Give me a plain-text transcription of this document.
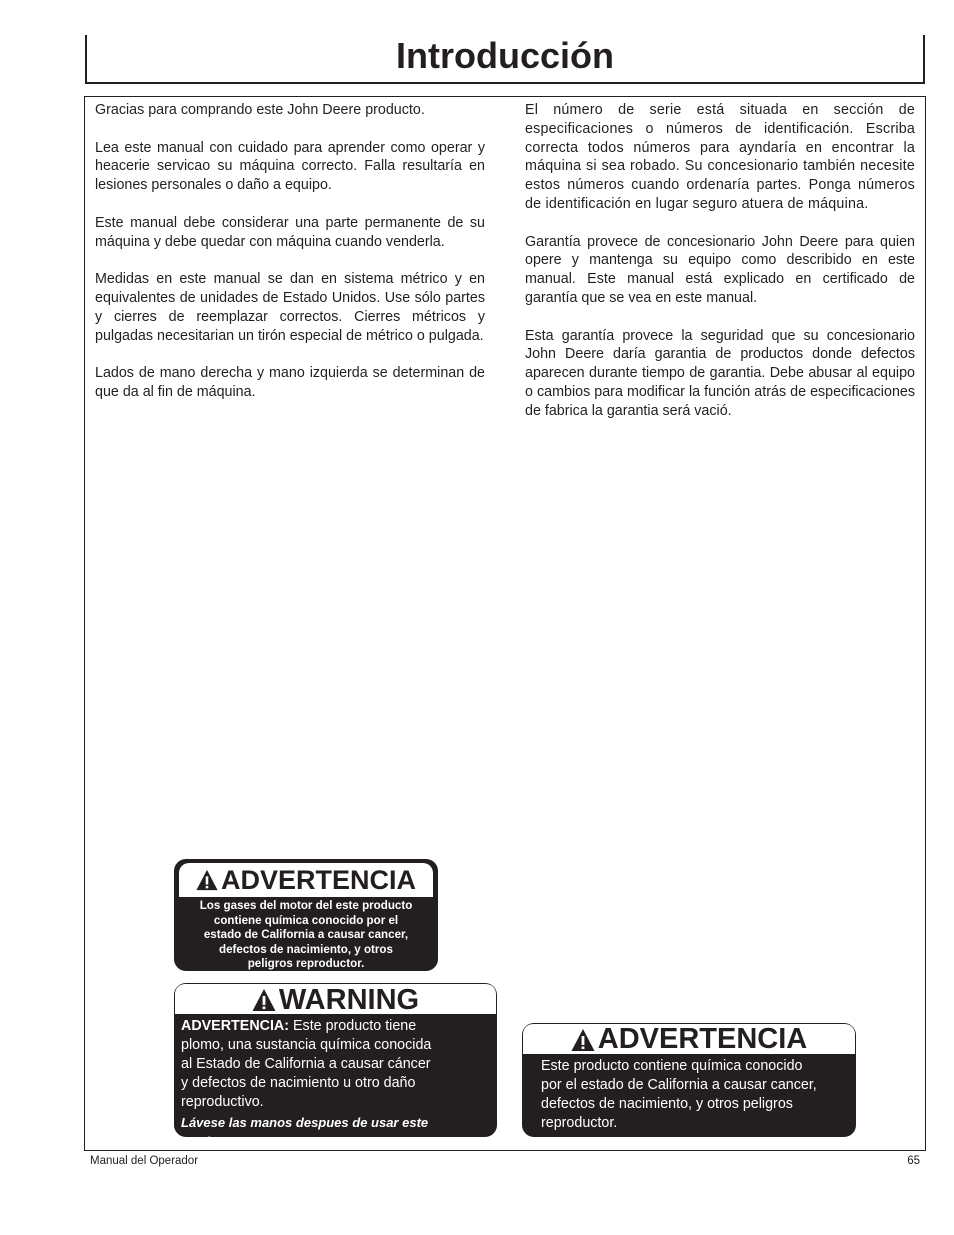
Introducción

Gracias para comprando este John Deere producto.

Lea este manual con cuidado para aprender como operar y heacerie servicao su máquina correcto. Falla resultaría en lesiones personales o daño a equipo.

Este manual debe considerar una parte permanente de su máquina y debe quedar con máquina cuando venderla.

Medidas en este manual se dan en sistema métrico y en equivalentes de unidades de Estado Unidos. Use sólo partes y cierres de reemplazar correctos. Cierres métricos y pulgadas necesitarian un tirón especial de métrico o pulgada.

Lados de mano derecha y mano izquierda se determinan de que da al fin de máquina.

El número de serie está situada en sección de especificaciones o números de identificación. Escriba correcta todos números para ayndaría en encontrar la máquina si sea robado. Su concesionario también necesite estos números cuando ordenaría partes. Ponga números de identificación en lugar seguro atuera de máquina.

Garantía provece de concesionario John Deere para quien opere y mantenga su equipo como describido en este manual. Este manual está explicado en certificado de garantía que se vea en este manual.

Esta garantía provece la seguridad que su concesionario John Deere daría garantia de productos donde defectos aparecen durante tiempo de garantia. Debe abusar al equipo o cambios para modificar la función atrás de especificaciones de fabrica la garantia será vació.

ADVERTENCIA
Los gases del motor del este producto
contiene química conocido por el
estado de California a causar cancer,
defectos de nacimiento, y otros
peligros reproductor.
WARNING
ADVERTENCIA: Este producto tiene
plomo, una sustancia química conocida
al Estado de California a causar cáncer
y defectos de nacimiento u otro daño
reproductivo.
Lávese las manos despues de usar este producto.
ADVERTENCIA
Este producto contiene química conocido
por el estado de California a causar cancer,
defectos de nacimiento, y otros peligros
reproductor.
Manual del Operador	65
